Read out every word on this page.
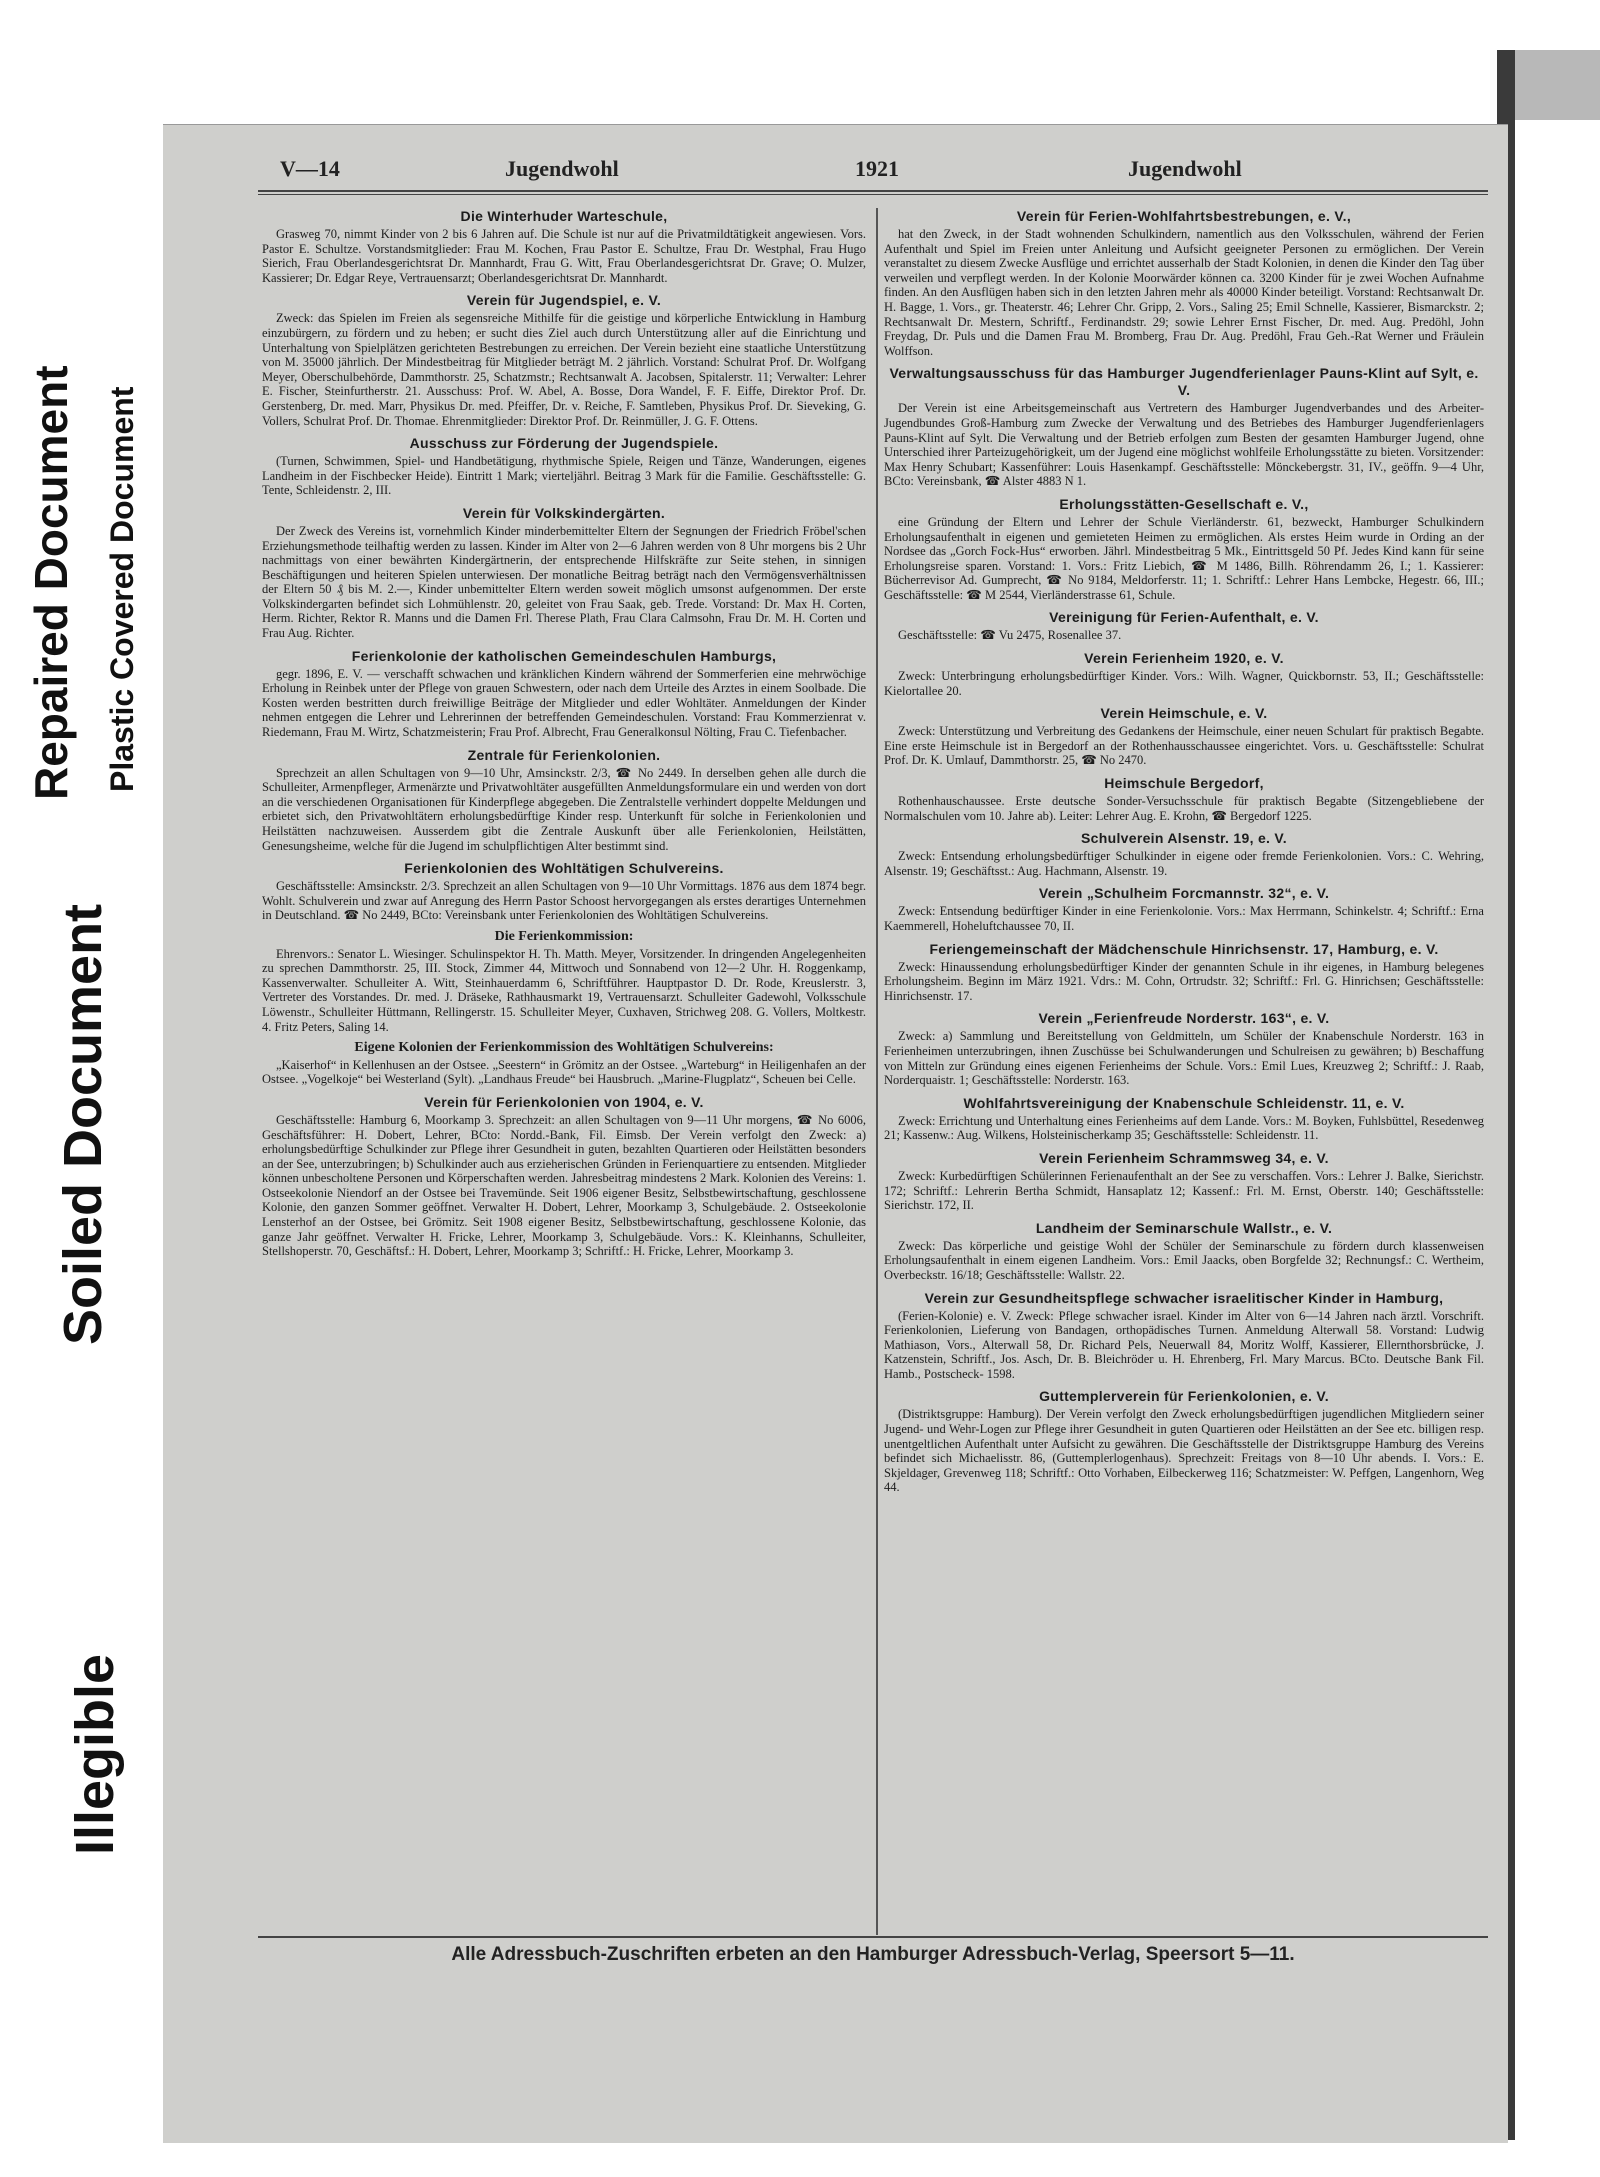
Repaired Document Plastic Covered Document
Soiled Document
Illegible
V—14	Jugendwohl	1921	Jugendwohl
Die Winterhuder Warteschule,

Grasweg 70, nimmt Kinder von 2 bis 6 Jahren auf. Die Schule ist nur auf die Privatmildtätigkeit angewiesen. Vors. Pastor E. Schultze. Vorstandsmitglieder: Frau M. Kochen, Frau Pastor E. Schultze, Frau Dr. Westphal, Frau Hugo Sierich, Frau Oberlandesgerichtsrat Dr. Mannhardt, Frau G. Witt, Frau Oberlandesgerichtsrat Dr. Grave; O. Mulzer, Kassierer; Dr. Edgar Reye, Vertrauensarzt; Oberlandesgerichtsrat Dr. Mannhardt.

Verein für Jugendspiel, e. V.

Zweck: das Spielen im Freien als segensreiche Mithilfe für die geistige und körperliche Entwicklung in Hamburg einzubürgern, zu fördern und zu heben; er sucht dies Ziel auch durch Unterstützung aller auf die Einrichtung und Unterhaltung von Spielplätzen gerichteten Bestrebungen zu erreichen. Der Verein bezieht eine staatliche Unterstützung von M. 35000 jährlich. Der Mindestbeitrag für Mitglieder beträgt M. 2 jährlich. Vorstand: Schulrat Prof. Dr. Wolfgang Meyer, Oberschulbehörde, Dammthorstr. 25, Schatzmstr.; Rechtsanwalt A. Jacobsen, Spitalerstr. 11; Verwalter: Lehrer E. Fischer, Steinfurtherstr. 21. Ausschuss: Prof. W. Abel, A. Bosse, Dora Wandel, F. F. Eiffe, Direktor Prof. Dr. Gerstenberg, Dr. med. Marr, Physikus Dr. med. Pfeiffer, Dr. v. Reiche, F. Samtleben, Physikus Prof. Dr. Sieveking, G. Vollers, Schulrat Prof. Dr. Thomae. Ehrenmitglieder: Direktor Prof. Dr. Reinmüller, J. G. F. Ottens.

Ausschuss zur Förderung der Jugendspiele.

(Turnen, Schwimmen, Spiel- und Handbetätigung, rhythmische Spiele, Reigen und Tänze, Wanderungen, eigenes Landheim in der Fischbecker Heide). Eintritt 1 Mark; vierteljährl. Beitrag 3 Mark für die Familie. Geschäftsstelle: G. Tente, Schleidenstr. 2, III.

Verein für Volkskindergärten.

Der Zweck des Vereins ist, vornehmlich Kinder minderbemittelter Eltern der Segnungen der Friedrich Fröbel'schen Erziehungsmethode teilhaftig werden zu lassen. Kinder im Alter von 2—6 Jahren werden von 8 Uhr morgens bis 2 Uhr nachmittags von einer bewährten Kindergärtnerin, der entsprechende Hilfskräfte zur Seite stehen, in sinnigen Beschäftigungen und heiteren Spielen unterwiesen. Der monatliche Beitrag beträgt nach den Vermögensverhältnissen der Eltern 50 ₰ bis M. 2.—, Kinder unbemittelter Eltern werden soweit möglich umsonst aufgenommen. Der erste Volkskindergarten befindet sich Lohmühlenstr. 20, geleitet von Frau Saak, geb. Trede. Vorstand: Dr. Max H. Corten, Herm. Richter, Rektor R. Manns und die Damen Frl. Therese Plath, Frau Clara Calmsohn, Frau Dr. M. H. Corten und Frau Aug. Richter.

Ferienkolonie der katholischen Gemeindeschulen Hamburgs,

gegr. 1896, E. V. — verschafft schwachen und kränklichen Kindern während der Sommerferien eine mehrwöchige Erholung in Reinbek unter der Pflege von grauen Schwestern, oder nach dem Urteile des Arztes in einem Soolbade. Die Kosten werden bestritten durch freiwillige Beiträge der Mitglieder und edler Wohltäter. Anmeldungen der Kinder nehmen entgegen die Lehrer und Lehrerinnen der betreffenden Gemeindeschulen. Vorstand: Frau Kommerzienrat v. Riedemann, Frau M. Wirtz, Schatzmeisterin; Frau Prof. Albrecht, Frau Generalkonsul Nölting, Frau C. Tiefenbacher.

Zentrale für Ferienkolonien.

Sprechzeit an allen Schultagen von 9—10 Uhr, Amsinckstr. 2/3, ☎ No 2449. In derselben gehen alle durch die Schulleiter, Armenpfleger, Armenärzte und Privatwohltäter ausgefüllten Anmeldungsformulare ein und werden von dort an die verschiedenen Organisationen für Kinderpflege abgegeben. Die Zentralstelle verhindert doppelte Meldungen und erbietet sich, den Privatwohltätern erholungsbedürftige Kinder resp. Unterkunft für solche in Ferienkolonien und Heilstätten nachzuweisen. Ausserdem gibt die Zentrale Auskunft über alle Ferienkolonien, Heilstätten, Genesungsheime, welche für die Jugend im schulpflichtigen Alter bestimmt sind.

Ferienkolonien des Wohltätigen Schulvereins.

Geschäftsstelle: Amsinckstr. 2/3. Sprechzeit an allen Schultagen von 9—10 Uhr Vormittags. 1876 aus dem 1874 begr. Wohlt. Schulverein und zwar auf Anregung des Herrn Pastor Schoost hervorgegangen als erstes derartiges Unternehmen in Deutschland. ☎ No 2449, BCto: Vereinsbank unter Ferienkolonien des Wohltätigen Schulvereins.

Die Ferienkommission:

Ehrenvors.: Senator L. Wiesinger. Schulinspektor H. Th. Matth. Meyer, Vorsitzender. In dringenden Angelegenheiten zu sprechen Dammthorstr. 25, III. Stock, Zimmer 44, Mittwoch und Sonnabend von 12—2 Uhr. H. Roggenkamp, Kassenverwalter. Schulleiter A. Witt, Steinhauerdamm 6, Schriftführer. Hauptpastor D. Dr. Rode, Kreuslerstr. 3, Vertreter des Vorstandes. Dr. med. J. Dräseke, Rathhausmarkt 19, Vertrauensarzt. Schulleiter Gadewohl, Volksschule Löwenstr., Schulleiter Hüttmann, Rellingerstr. 15. Schulleiter Meyer, Cuxhaven, Strichweg 208. G. Vollers, Moltkestr. 4. Fritz Peters, Saling 14.

Eigene Kolonien der Ferienkommission des Wohltätigen Schulvereins:

„Kaiserhof“ in Kellenhusen an der Ostsee. „Seestern“ in Grömitz an der Ostsee. „Warteburg“ in Heiligenhafen an der Ostsee. „Vogelkoje“ bei Westerland (Sylt). „Landhaus Freude“ bei Hausbruch. „Marine-Flugplatz“, Scheuen bei Celle.

Verein für Ferienkolonien von 1904, e. V.

Geschäftsstelle: Hamburg 6, Moorkamp 3. Sprechzeit: an allen Schultagen von 9—11 Uhr morgens, ☎ No 6006, Geschäftsführer: H. Dobert, Lehrer, BCto: Nordd.-Bank, Fil. Eimsb. Der Verein verfolgt den Zweck: a) erholungsbedürftige Schulkinder zur Pflege ihrer Gesundheit in guten, bezahlten Quartieren oder Heilstätten besonders an der See, unterzubringen; b) Schulkinder auch aus erzieherischen Gründen in Ferienquartiere zu entsenden. Mitglieder können unbescholtene Personen und Körperschaften werden. Jahresbeitrag mindestens 2 Mark. Kolonien des Vereins: 1. Ostseekolonie Niendorf an der Ostsee bei Travemünde. Seit 1906 eigener Besitz, Selbstbewirtschaftung, geschlossene Kolonie, den ganzen Sommer geöffnet. Verwalter H. Dobert, Lehrer, Moorkamp 3, Schulgebäude. 2. Ostseekolonie Lensterhof an der Ostsee, bei Grömitz. Seit 1908 eigener Besitz, Selbstbewirtschaftung, geschlossene Kolonie, das ganze Jahr geöffnet. Verwalter H. Fricke, Lehrer, Moorkamp 3, Schulgebäude. Vors.: K. Kleinhanns, Schulleiter, Stellshoperstr. 70, Geschäftsf.: H. Dobert, Lehrer, Moorkamp 3; Schriftf.: H. Fricke, Lehrer, Moorkamp 3.

Verein für Ferien-Wohlfahrtsbestrebungen, e. V.,

hat den Zweck, in der Stadt wohnenden Schulkindern, namentlich aus den Volksschulen, während der Ferien Aufenthalt und Spiel im Freien unter Anleitung und Aufsicht geeigneter Personen zu ermöglichen. Der Verein veranstaltet zu diesem Zwecke Ausflüge und errichtet ausserhalb der Stadt Kolonien, in denen die Kinder den Tag über verweilen und verpflegt werden. In der Kolonie Moorwärder können ca. 3200 Kinder für je zwei Wochen Aufnahme finden. An den Ausflügen haben sich in den letzten Jahren mehr als 40000 Kinder beteiligt. Vorstand: Rechtsanwalt Dr. H. Bagge, 1. Vors., gr. Theaterstr. 46; Lehrer Chr. Gripp, 2. Vors., Saling 25; Emil Schnelle, Kassierer, Bismarckstr. 2; Rechtsanwalt Dr. Mestern, Schriftf., Ferdinandstr. 29; sowie Lehrer Ernst Fischer, Dr. med. Aug. Predöhl, John Freydag, Dr. Puls und die Damen Frau M. Bromberg, Frau Dr. Aug. Predöhl, Frau Geh.-Rat Werner und Fräulein Wolffson.

Verwaltungsausschuss für das Hamburger Jugendferienlager Pauns-Klint auf Sylt, e. V.

Der Verein ist eine Arbeitsgemeinschaft aus Vertretern des Hamburger Jugendverbandes und des Arbeiter-Jugendbundes Groß-Hamburg zum Zwecke der Verwaltung und des Betriebes des Hamburger Jugendferienlagers Pauns-Klint auf Sylt. Die Verwaltung und der Betrieb erfolgen zum Besten der gesamten Hamburger Jugend, ohne Unterschied ihrer Parteizugehörigkeit, um der Jugend eine möglichst wohlfeile Erholungsstätte zu bieten. Vorsitzender: Max Henry Schubart; Kassenführer: Louis Hasenkampf. Geschäftsstelle: Mönckebergstr. 31, IV., geöffn. 9—4 Uhr, BCto: Vereinsbank, ☎ Alster 4883 N 1.

Erholungsstätten-Gesellschaft e. V.,

eine Gründung der Eltern und Lehrer der Schule Vierländerstr. 61, bezweckt, Hamburger Schulkindern Erholungsaufenthalt in eigenen und gemieteten Heimen zu ermöglichen. Als erstes Heim wurde in Ording an der Nordsee das „Gorch Fock-Hus“ erworben. Jährl. Mindestbeitrag 5 Mk., Eintrittsgeld 50 Pf. Jedes Kind kann für seine Erholungsreise sparen. Vorstand: 1. Vors.: Fritz Liebich, ☎ M 1486, Billh. Röhrendamm 26, I.; 1. Kassierer: Bücherrevisor Ad. Gumprecht, ☎ No 9184, Meldorferstr. 11; 1. Schriftf.: Lehrer Hans Lembcke, Hegestr. 66, III.; Geschäftsstelle: ☎ M 2544, Vierländerstrasse 61, Schule.

Vereinigung für Ferien-Aufenthalt, e. V.

Geschäftsstelle: ☎ Vu 2475, Rosenallee 37.

Verein Ferienheim 1920, e. V.

Zweck: Unterbringung erholungsbedürftiger Kinder. Vors.: Wilh. Wagner, Quickbornstr. 53, II.; Geschäftsstelle: Kielortallee 20.

Verein Heimschule, e. V.

Zweck: Unterstützung und Verbreitung des Gedankens der Heimschule, einer neuen Schulart für praktisch Begabte. Eine erste Heimschule ist in Bergedorf an der Rothenhausschaussee eingerichtet. Vors. u. Geschäftsstelle: Schulrat Prof. Dr. K. Umlauf, Dammthorstr. 25, ☎ No 2470.

Heimschule Bergedorf,

Rothenhauschaussee. Erste deutsche Sonder-Versuchsschule für praktisch Begabte (Sitzengebliebene der Normalschulen vom 10. Jahre ab). Leiter: Lehrer Aug. E. Krohn, ☎ Bergedorf 1225.

Schulverein Alsenstr. 19, e. V.

Zweck: Entsendung erholungsbedürftiger Schulkinder in eigene oder fremde Ferienkolonien. Vors.: C. Wehring, Alsenstr. 19; Geschäftsst.: Aug. Hachmann, Alsenstr. 19.

Verein „Schulheim Forcmannstr. 32“, e. V.

Zweck: Entsendung bedürftiger Kinder in eine Ferienkolonie. Vors.: Max Herrmann, Schinkelstr. 4; Schriftf.: Erna Kaemmerell, Hoheluftchaussee 70, II.

Feriengemeinschaft der Mädchenschule Hinrichsenstr. 17, Hamburg, e. V.

Zweck: Hinaussendung erholungsbedürftiger Kinder der genannten Schule in ihr eigenes, in Hamburg belegenes Erholungsheim. Beginn im März 1921. Vdrs.: M. Cohn, Ortrudstr. 32; Schriftf.: Frl. G. Hinrichsen; Geschäftsstelle: Hinrichsenstr. 17.

Verein „Ferienfreude Norderstr. 163“, e. V.

Zweck: a) Sammlung und Bereitstellung von Geldmitteln, um Schüler der Knabenschule Norderstr. 163 in Ferienheimen unterzubringen, ihnen Zuschüsse bei Schulwanderungen und Schulreisen zu gewähren; b) Beschaffung von Mitteln zur Gründung eines eigenen Ferienheims der Schule. Vors.: Emil Lues, Kreuzweg 2; Schriftf.: J. Raab, Norderquaistr. 1; Geschäftsstelle: Norderstr. 163.

Wohlfahrtsvereinigung der Knabenschule Schleidenstr. 11, e. V.

Zweck: Errichtung und Unterhaltung eines Ferienheims auf dem Lande. Vors.: M. Boyken, Fuhlsbüttel, Resedenweg 21; Kassenw.: Aug. Wilkens, Holsteinischerkamp 35; Geschäftsstelle: Schleidenstr. 11.

Verein Ferienheim Schrammsweg 34, e. V.

Zweck: Kurbedürftigen Schülerinnen Ferienaufenthalt an der See zu verschaffen. Vors.: Lehrer J. Balke, Sierichstr. 172; Schriftf.: Lehrerin Bertha Schmidt, Hansaplatz 12; Kassenf.: Frl. M. Ernst, Oberstr. 140; Geschäftsstelle: Sierichstr. 172, II.

Landheim der Seminarschule Wallstr., e. V.

Zweck: Das körperliche und geistige Wohl der Schüler der Seminarschule zu fördern durch klassenweisen Erholungsaufenthalt in einem eigenen Landheim. Vors.: Emil Jaacks, oben Borgfelde 32; Rechnungsf.: C. Wertheim, Overbeckstr. 16/18; Geschäftsstelle: Wallstr. 22.

Verein zur Gesundheitspflege schwacher israelitischer Kinder in Hamburg,

(Ferien-Kolonie) e. V. Zweck: Pflege schwacher israel. Kinder im Alter von 6—14 Jahren nach ärztl. Vorschrift. Ferienkolonien, Lieferung von Bandagen, orthopädisches Turnen. Anmeldung Alterwall 58. Vorstand: Ludwig Mathiason, Vors., Alterwall 58, Dr. Richard Pels, Neuerwall 84, Moritz Wolff, Kassierer, Ellernthorsbrücke, J. Katzenstein, Schriftf., Jos. Asch, Dr. B. Bleichröder u. H. Ehrenberg, Frl. Mary Marcus. BCto. Deutsche Bank Fil. Hamb., Postscheck- 1598.

Guttemplerverein für Ferienkolonien, e. V.

(Distriktsgruppe: Hamburg). Der Verein verfolgt den Zweck erholungsbedürftigen jugendlichen Mitgliedern seiner Jugend- und Wehr-Logen zur Pflege ihrer Gesundheit in guten Quartieren oder Heilstätten an der See etc. billigen resp. unentgeltlichen Aufenthalt unter Aufsicht zu gewähren. Die Geschäftsstelle der Distriktsgruppe Hamburg des Vereins befindet sich Michaelisstr. 86, (Guttemplerlogenhaus). Sprechzeit: Freitags von 8—10 Uhr abends. I. Vors.: E. Skjeldager, Grevenweg 118; Schriftf.: Otto Vorhaben, Eilbeckerweg 116; Schatzmeister: W. Peffgen, Langenhorn, Weg 44.

Alle Adressbuch-Zuschriften erbeten an den Hamburger Adressbuch-Verlag, Speersort 5—11.
